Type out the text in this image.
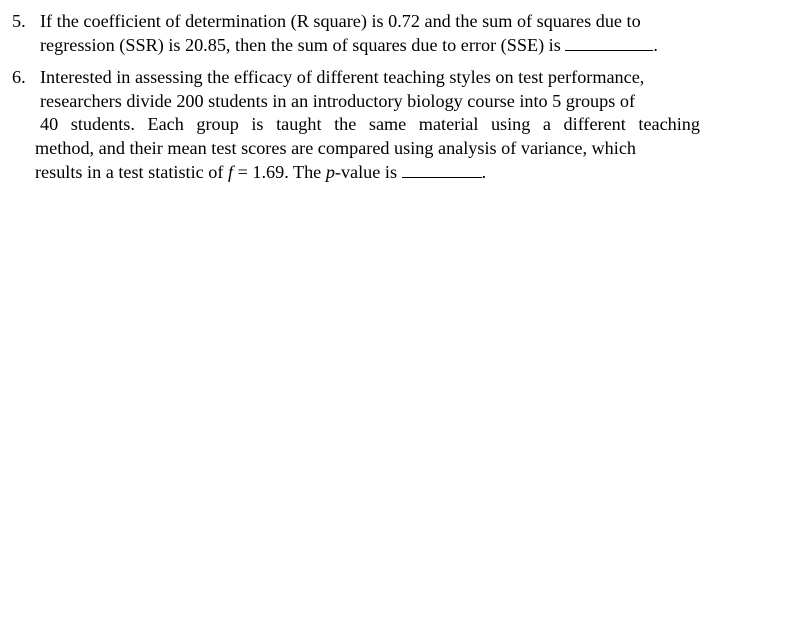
5. If the coefficient of determination (R square) is 0.72 and the sum of squares due to
regression (SSR) is 20.85, then the sum of squares due to error (SSE) is	.
6. Interested in assessing the efficacy of different teaching styles on test performance,
researchers divide 200 students in an introductory biology course into 5 groups of
40 students. Each group is taught the same material using a different teaching
method, and their mean test scores are compared using analysis of variance, which
results in a test statistic of f = 1.69. The p-value is	.
